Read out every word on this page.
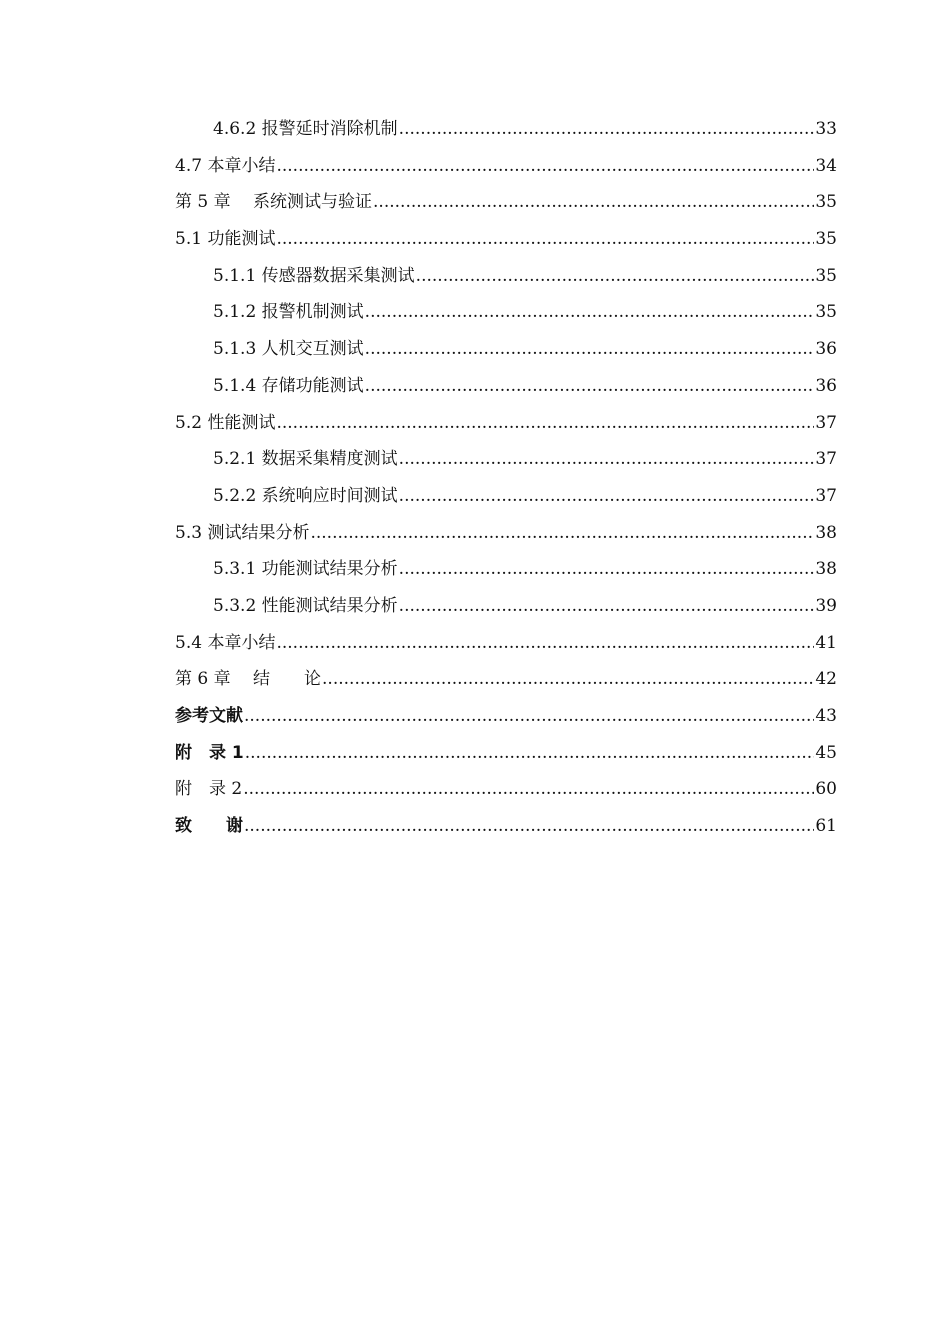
4.6.2 报警延时消除机制 .....	33
4.7 本章小结 .....	34
第 5 章　 系统测试与验证 .....	35
5.1 功能测试 .....	35
5.1.1 传感器数据采集测试 .....	35
5.1.2 报警机制测试 .....	35
5.1.3 人机交互测试 .....	36
5.1.4 存储功能测试 .....	36
5.2 性能测试 .....	37
5.2.1 数据采集精度测试 .....	37
5.2.2 系统响应时间测试 .....	37
5.3 测试结果分析 .....	38
5.3.1 功能测试结果分析 .....	38
5.3.2 性能测试结果分析 .....	39
5.4 本章小结 .....	41
第 6 章　 结　　论 .....	42
参考文献 .....	43
附　录 1 .....	45
附　录 2 .....	60
致　　谢 .....	61
